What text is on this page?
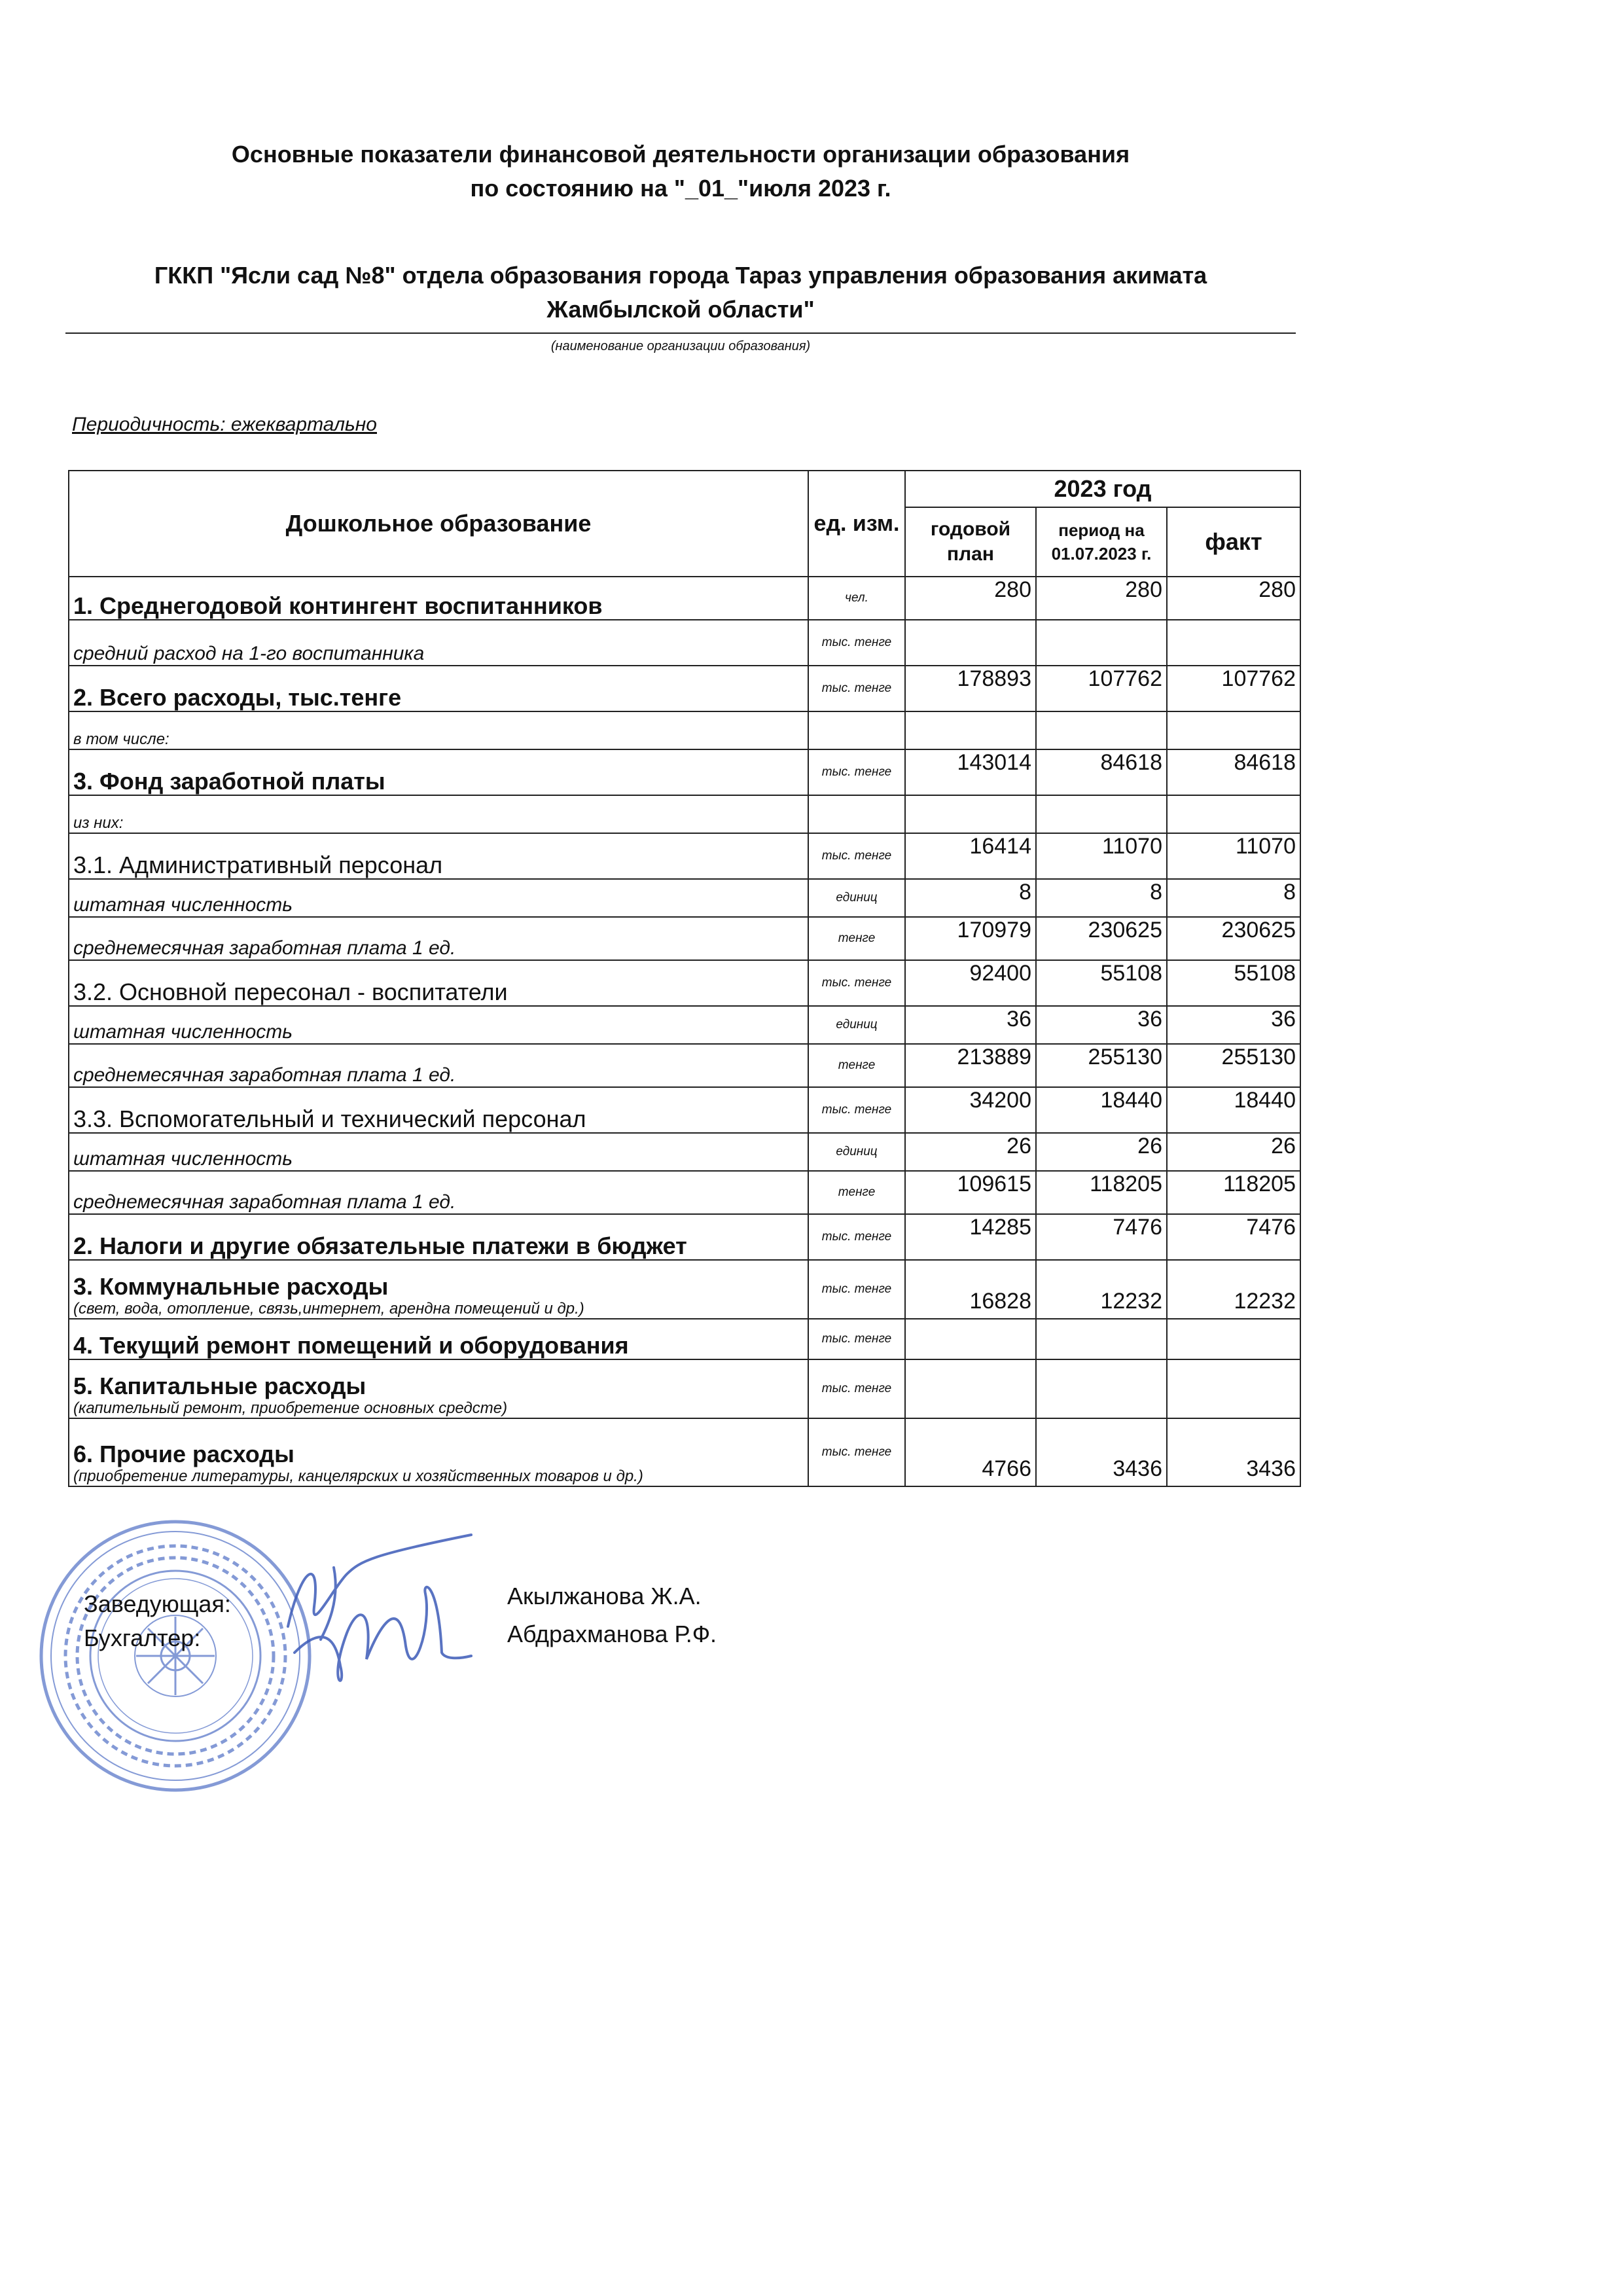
Основные показатели финансовой деятельности организации образования
по состоянию на "_01_"июля 2023 г.
ГККП "Ясли сад №8" отдела образования города Тараз управления образования акимата
Жамбылской области"
(наименование организации образования)
Периодичность: ежеквартально
Дошкольное образование	ед. изм.	2023 год		
		годовой план	период на 01.07.2023 г.	факт
1. Среднегодовой контингент воспитанников	чел.	280	280	280
средний расход на 1-го воспитанника	тыс. тенге			
2. Всего расходы, тыс.тенге	тыс. тенге	178893	107762	107762

в том числе:				

3. Фонд заработной платы	тыс. тенге	143014	84618	84618

из них:				

3.1. Административный персонал	тыс. тенге	16414	11070	11070
штатная численность	единиц	8	8	8
среднемесячная заработная плата 1 ед.	тенге	170979	230625	230625
3.2. Основной пересонал - воспитатели	тыс. тенге	92400	55108	55108
штатная численность	единиц	36	36	36
среднемесячная заработная плата 1 ед.	тенге	213889	255130	255130
3.3. Вспомогательный и технический персонал	тыс. тенге	34200	18440	18440
штатная численность	единиц	26	26	26
среднемесячная заработная плата 1 ед.	тенге	109615	118205	118205
2. Налоги и другие обязательные платежи в бюджет	тыс. тенге	14285	7476	7476
3. Коммунальные расходы
(свет, вода, отопление, связь,интернет, арендна помещений и др.)	тыс. тенге	16828	12232	12232
4. Текущий ремонт помещений и оборудования	тыс. тенге			
5. Капитальные расходы
(капительный ремонт, приобретение основных средстe)	тыс. тенге			
6. Прочие расходы
(приобретение литературы, канцелярских и хозяйственных товаров и др.)	тыс. тенге	4766	3436	3436
Заведующая:
Бухгалтер:
Акылжанова Ж.А.
Абдрахманова Р.Ф.
